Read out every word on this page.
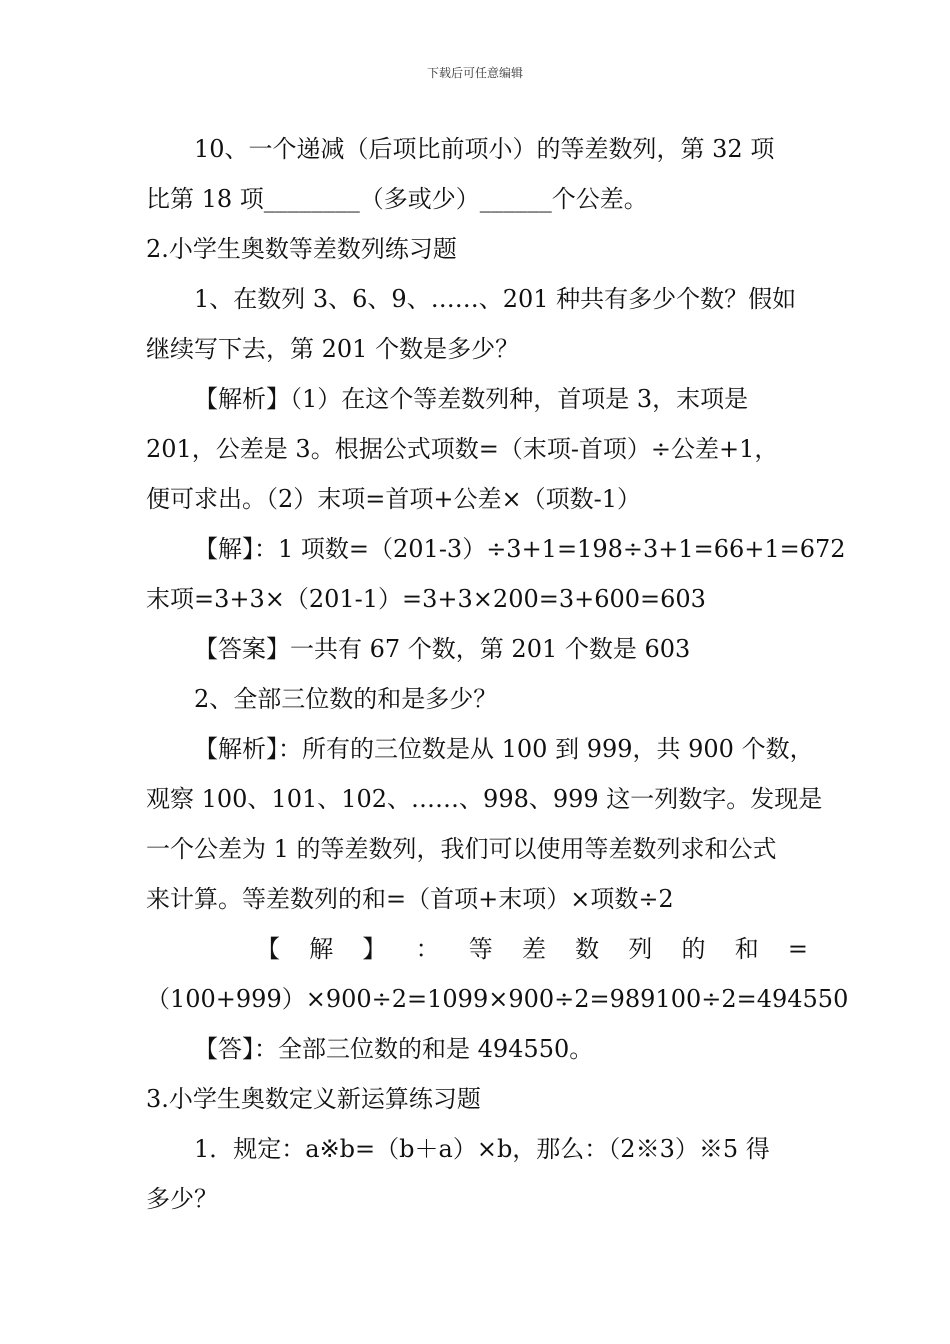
下载后可任意编辑
10、一个递减（后项比前项小）的等差数列，第 32 项
比第 18 项________（多或少）______个公差。
2.小学生奥数等差数列练习题
1、在数列 3、6、9、……、201 种共有多少个数？假如
继续写下去，第 201 个数是多少？
【解析】（1）在这个等差数列种，首项是 3，末项是
201，公差是 3。根据公式项数=（末项-首项）÷公差+1，
便可求出。（2）末项=首项+公差×（项数-1）
【解】：1 项数=（201-3）÷3+1=198÷3+1=66+1=672
末项=3+3×（201-1）=3+3×200=3+600=603
【答案】一共有 67 个数，第 201 个数是 603
2、全部三位数的和是多少？
【解析】：所有的三位数是从 100 到 999，共 900 个数，
观察 100、101、102、……、998、999 这一列数字。发现是
一个公差为 1 的等差数列，我们可以使用等差数列求和公式
来计算。等差数列的和=（首项+末项）×项数÷2
【 解 】 ： 等 差 数 列 的 和 =
（100+999）×900÷2=1099×900÷2=989100÷2=494550
【答】：全部三位数的和是 494550。
3.小学生奥数定义新运算练习题
1．规定：a※b=（b＋a）×b，那么：（2※3）※5 得
多少？
